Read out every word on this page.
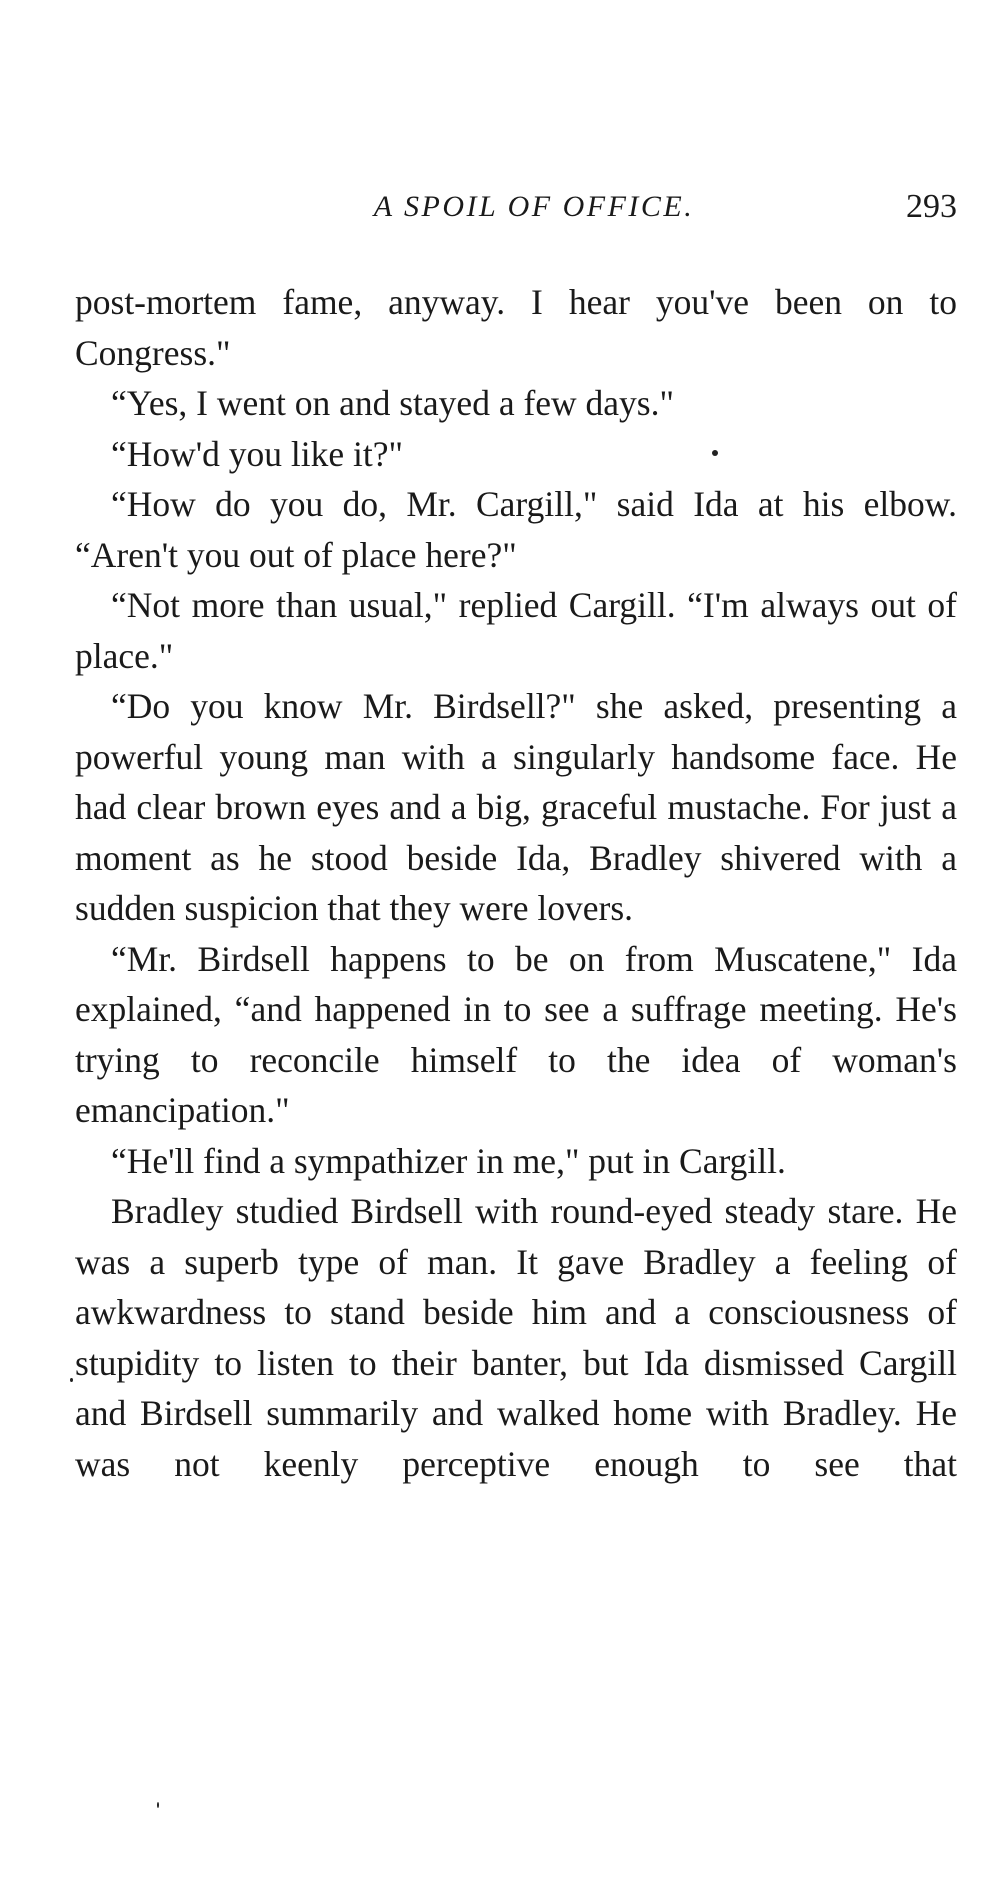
A SPOIL OF OFFICE.	293

post-mortem fame, anyway. I hear you've been on to Congress."

“Yes, I went on and stayed a few days."

“How'd you like it?"

“How do you do, Mr. Cargill," said Ida at his elbow. “Aren't you out of place here?"

“Not more than usual," replied Cargill. “I'm always out of place."

“Do you know Mr. Birdsell?" she asked, presenting a powerful young man with a singularly handsome face. He had clear brown eyes and a big, graceful mustache. For just a moment as he stood beside Ida, Bradley shivered with a sudden suspicion that they were lovers.

“Mr. Birdsell happens to be on from Muscatene," Ida explained, “and happened in to see a suffrage meeting. He's trying to reconcile himself to the idea of woman's emancipation."

“He'll find a sympathizer in me," put in Cargill.

Bradley studied Birdsell with round-eyed steady stare. He was a superb type of man. It gave Bradley a feeling of awkwardness to stand beside him and a consciousness of stupidity to listen to their banter, but Ida dismissed Cargill and Birdsell summarily and walked home with Bradley. He was not keenly perceptive enough to see that
